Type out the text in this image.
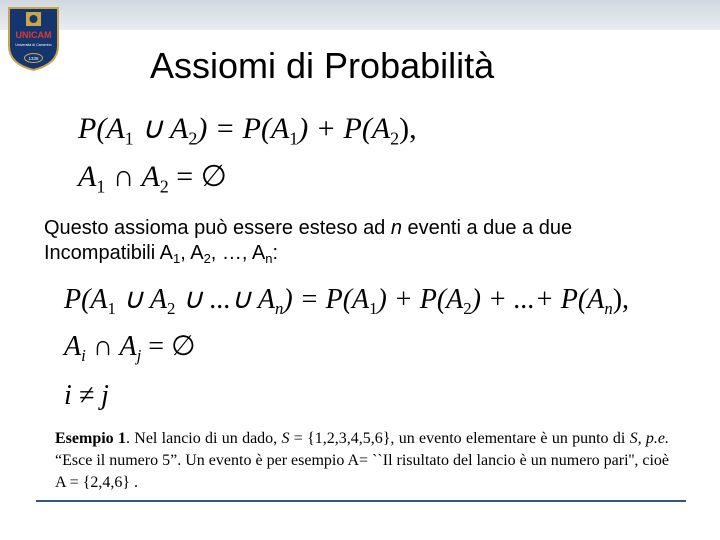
UNICAM
Università di Camerino
1336	Assiomi di Probabilità
$P(A_1$ ∪ $A_2) = P(A_1) + P(A_2)$,
$A_1$ ∩ $A_2$ = ∅
Questo assioma può essere esteso ad n eventi a due a due
Incompatibili $A_1$, $A_2$, …, $A_n$:
$P(A_1$ ∪ $A_2$ ∪ ...∪ $A_n) = P(A_1) + P(A_2)$ + ...+ $P(A_n)$,
$A_i$ ∩ $A_j$ = ∅
i ≠ j
Esempio 1. Nel lancio di un dado, S = {1,2,3,4,5,6}, un evento elementare è un punto di S, p.e. “Esce il numero 5”. Un evento è per esempio A= ``Il risultato del lancio è un numero pari'', cioè A = {2,4,6} .
